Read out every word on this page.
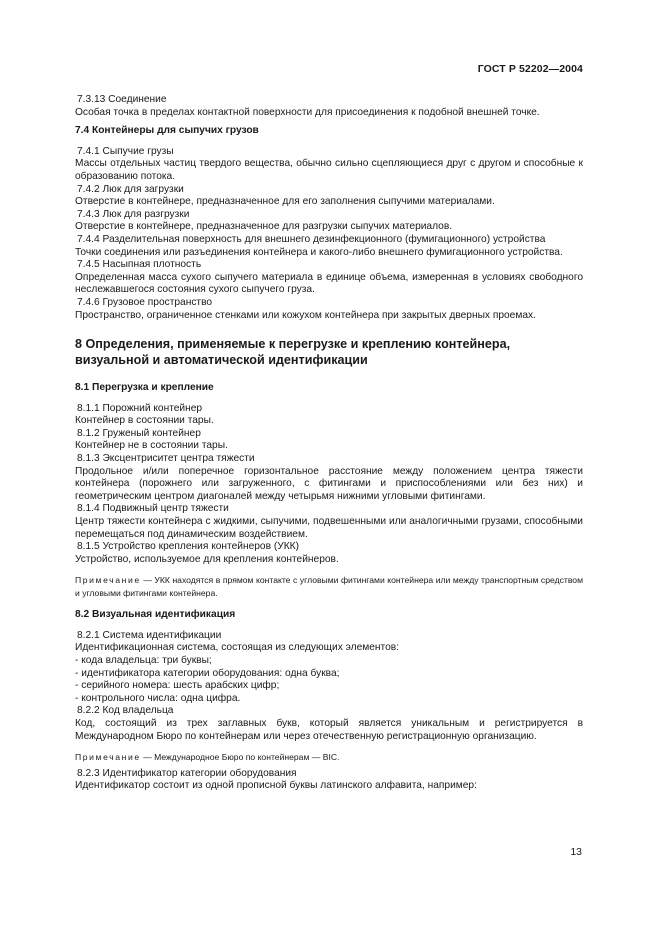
ГОСТ Р 52202—2004

7.3.13 Соединение

Особая точка в пределах контактной поверхности для присоединения к подобной внешней точке.

7.4 Контейнеры для сыпучих грузов

7.4.1 Сыпучие грузы

Массы отдельных частиц твердого вещества, обычно сильно сцепляющиеся друг с другом и способные к образованию потока.

7.4.2 Люк для загрузки

Отверстие в контейнере, предназначенное для его заполнения сыпучими материалами.

7.4.3 Люк для разгрузки

Отверстие в контейнере, предназначенное для разгрузки сыпучих материалов.

7.4.4 Разделительная поверхность для внешнего дезинфекционного (фумигационного) устройства

Точки соединения или разъединения контейнера и какого-либо внешнего фумигационного устройства.

7.4.5 Насыпная плотность

Определенная масса сухого сыпучего материала в единице объема, измеренная в условиях свободного неслежавшегося состояния сухого сыпучего груза.

7.4.6 Грузовое пространство

Пространство, ограниченное стенками или кожухом контейнера при закрытых дверных проемах.

8 Определения, применяемые к перегрузке и креплению контейнера, визуальной и автоматической идентификации

8.1 Перегрузка и крепление

8.1.1 Порожний контейнер

Контейнер в состоянии тары.

8.1.2 Груженый контейнер

Контейнер не в состоянии тары.

8.1.3 Эксцентриситет центра тяжести

Продольное и/или поперечное горизонтальное расстояние между положением центра тяжести контейнера (порожнего или загруженного, с фитингами и приспособлениями или без них) и геометрическим центром диагоналей между четырьмя нижними угловыми фитингами.

8.1.4 Подвижный центр тяжести

Центр тяжести контейнера с жидкими, сыпучими, подвешенными или аналогичными грузами, способными перемещаться под динамическим воздействием.

8.1.5 Устройство крепления контейнеров (УКК)

Устройство, используемое для крепления контейнеров.

Примечание — УКК находятся в прямом контакте с угловыми фитингами контейнера или между транспортным средством и угловыми фитингами контейнера.

8.2 Визуальная идентификация

8.2.1 Система идентификации

Идентификационная система, состоящая из следующих элементов:

- кода владельца: три буквы;

- идентификатора категории оборудования: одна буква;

- серийного номера: шесть арабских цифр;

- контрольного числа: одна цифра.

8.2.2 Код владельца

Код, состоящий из трех заглавных букв, который является уникальным и регистрируется в Международном Бюро по контейнерам или через отечественную регистрационную организацию.

Примечание — Международное Бюро по контейнерам — BIC.

8.2.3 Идентификатор категории оборудования

Идентификатор состоит из одной прописной буквы латинского алфавита, например:

13
